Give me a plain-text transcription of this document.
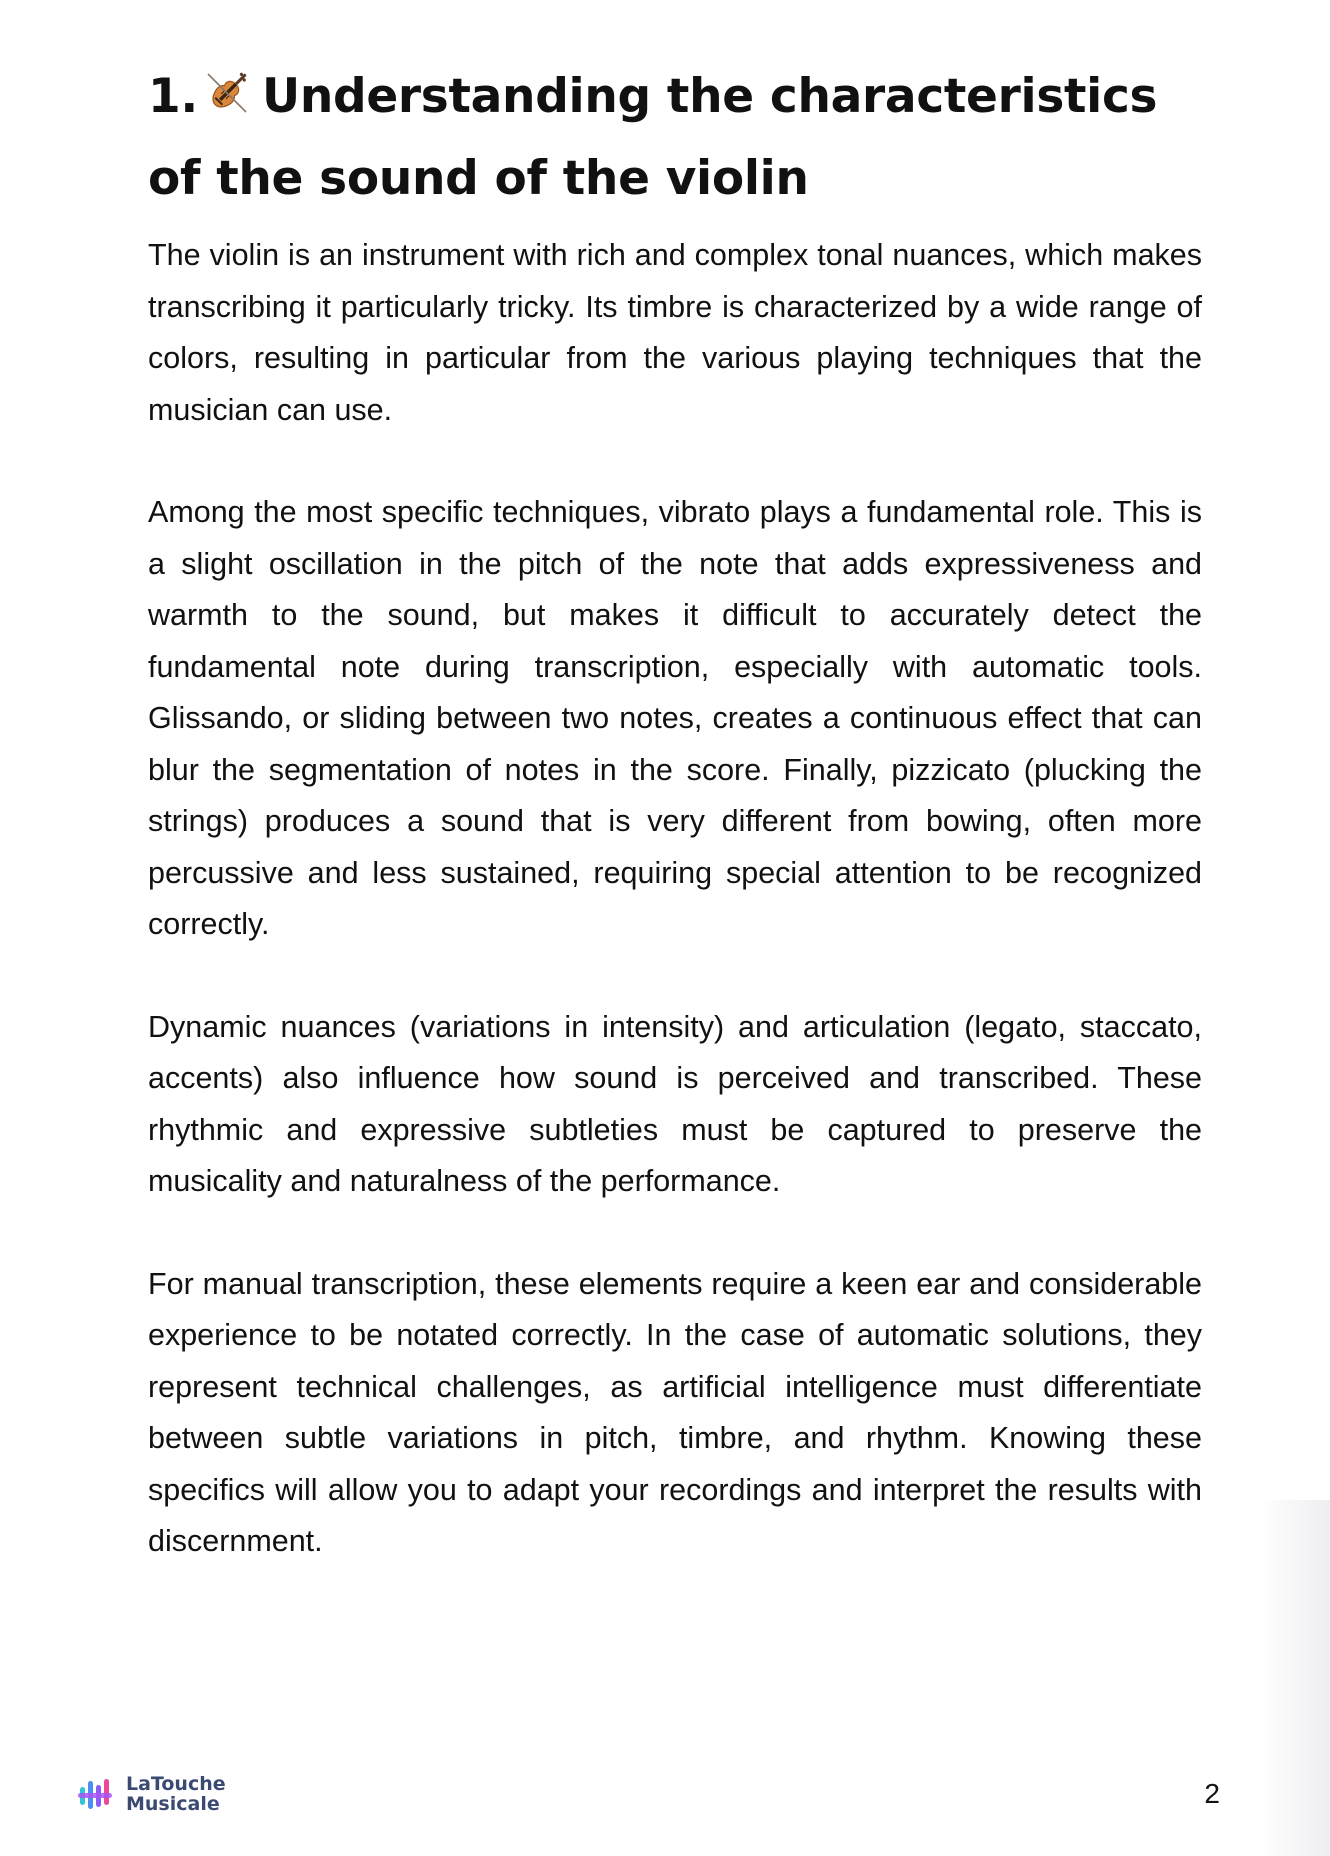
1. Understanding the characteristics of the sound of the violin

The violin is an instrument with rich and complex tonal nuances, which makes transcribing it particularly tricky. Its timbre is characterized by a wide range of colors, resulting in particular from the various playing techniques that the musician can use.

Among the most specific techniques, vibrato plays a fundamental role. This is a slight oscillation in the pitch of the note that adds expressiveness and warmth to the sound, but makes it difficult to accurately detect the fundamental note during transcription, especially with automatic tools. Glissando, or sliding between two notes, creates a continuous effect that can blur the segmentation of notes in the score. Finally, pizzicato (plucking the strings) produces a sound that is very different from bowing, often more percussive and less sustained, requiring special attention to be recognized correctly.

Dynamic nuances (variations in intensity) and articulation (legato, staccato, accents) also influence how sound is perceived and transcribed. These rhythmic and expressive subtleties must be captured to preserve the musicality and naturalness of the performance.

For manual transcription, these elements require a keen ear and considerable experience to be notated correctly. In the case of automatic solutions, they represent technical challenges, as artificial intelligence must differentiate between subtle variations in pitch, timbre, and rhythm. Knowing these specifics will allow you to adapt your recordings and interpret the results with discernment.

LaTouche
Musicale	2
